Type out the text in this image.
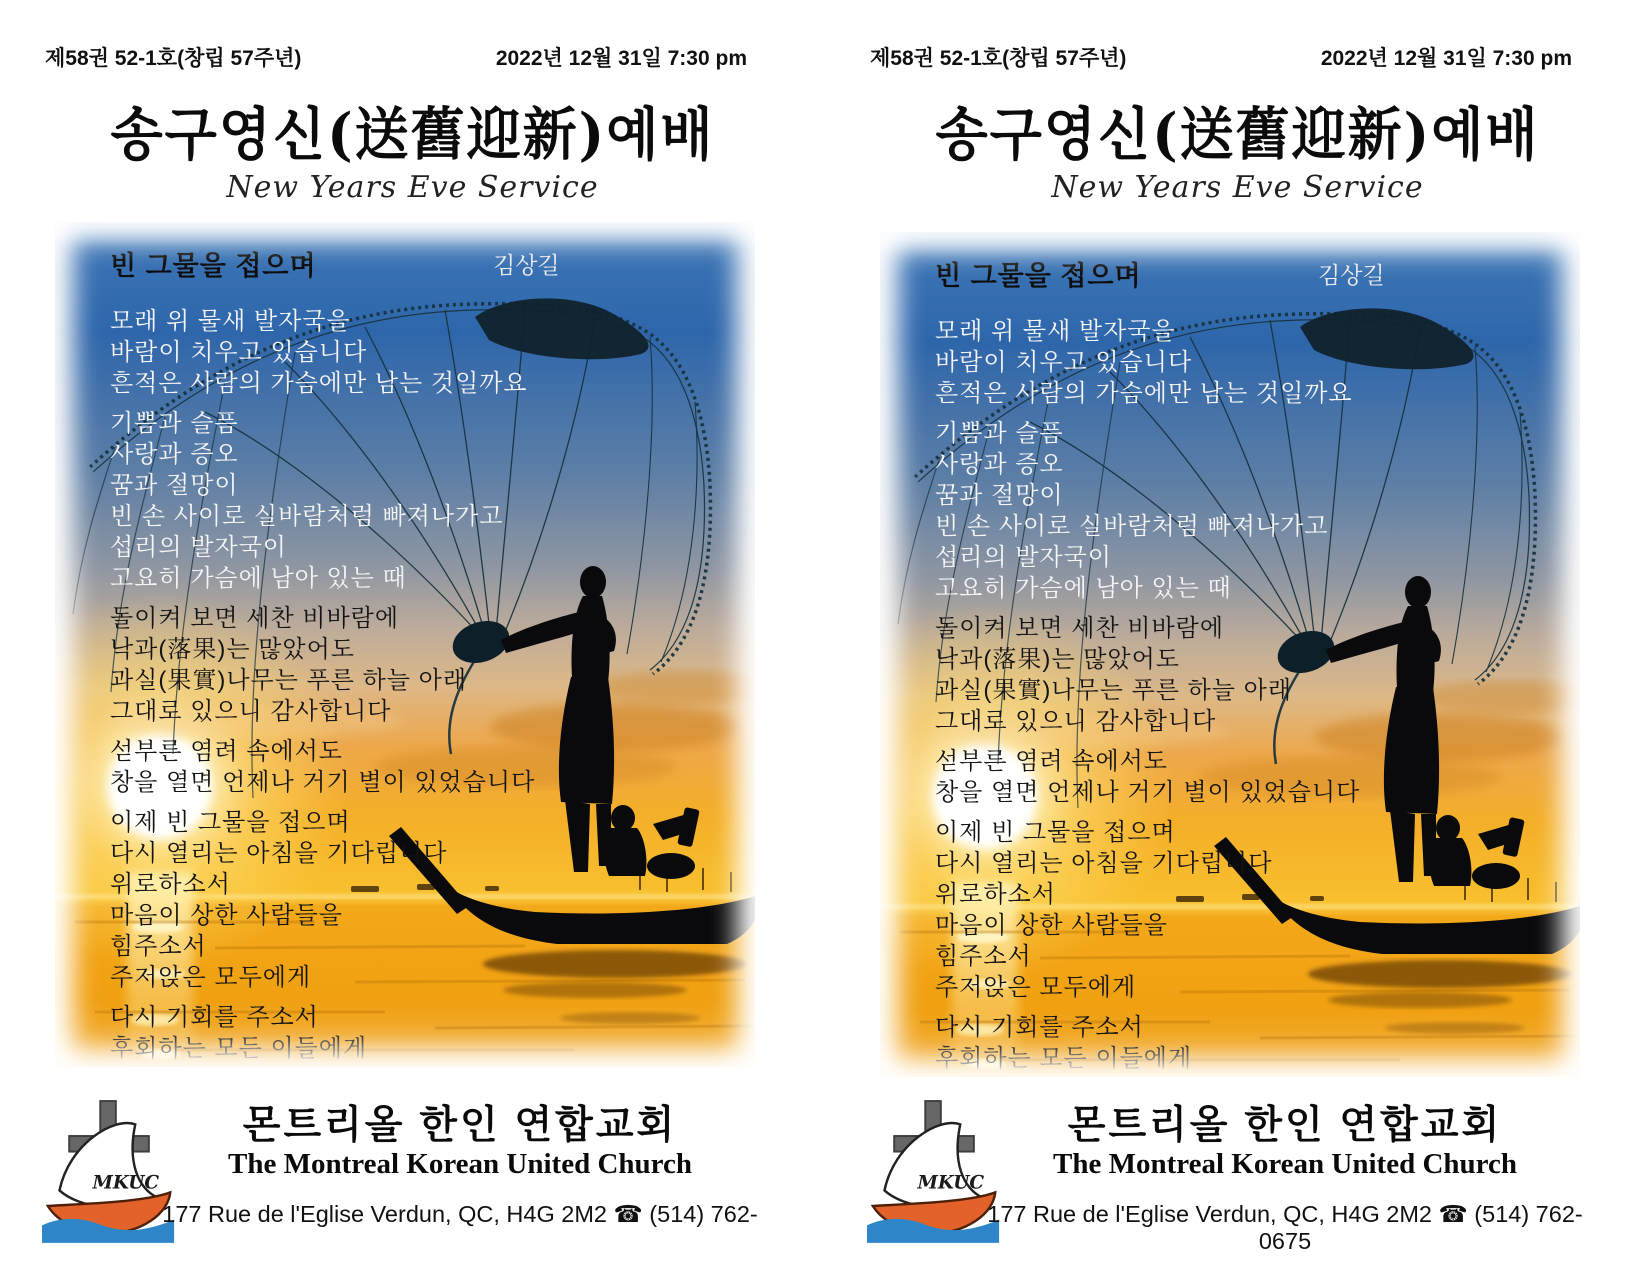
제58권 52-1호(창립 57주년)	2022년 12월 31일 7:30 pm
송구영신(送舊迎新)예배
New Years Eve Service
빈 그물을 접으며	김상길
모래 위 물새 발자국을
바람이 치우고 있습니다
흔적은 사람의 가슴에만 남는 것일까요
기쁨과 슬픔
사랑과 증오
꿈과 절망이
빈 손 사이로 실바람처럼 빠져나가고
섭리의 발자국이
고요히 가슴에 남아 있는 때
돌이켜 보면 세찬 비바람에
낙과(落果)는 많았어도
과실(果實)나무는 푸른 하늘 아래
그대로 있으니 감사합니다
섣부른 염려 속에서도
창을 열면 언제나 거기 별이 있었습니다
이제 빈 그물을 접으며
다시 열리는 아침을 기다립니다
위로하소서
마음이 상한 사람들을
힘주소서
주저앉은 모두에게
다시 기회를 주소서
후회하는 모든 이들에게
몬트리올 한인 연합교회
The Montreal Korean United Church
177 Rue de l'Eglise Verdun, QC, H4G 2M2 ☎ (514) 762-
제58권 52-1호(창립 57주년)	2022년 12월 31일 7:30 pm
송구영신(送舊迎新)예배
New Years Eve Service
빈 그물을 접으며	김상길
모래 위 물새 발자국을
바람이 치우고 있습니다
흔적은 사람의 가슴에만 남는 것일까요
기쁨과 슬픔
사랑과 증오
꿈과 절망이
빈 손 사이로 실바람처럼 빠져나가고
섭리의 발자국이
고요히 가슴에 남아 있는 때
돌이켜 보면 세찬 비바람에
낙과(落果)는 많았어도
과실(果實)나무는 푸른 하늘 아래
그대로 있으니 감사합니다
섣부른 염려 속에서도
창을 열면 언제나 거기 별이 있었습니다
이제 빈 그물을 접으며
다시 열리는 아침을 기다립니다
위로하소서
마음이 상한 사람들을
힘주소서
주저앉은 모두에게
다시 기회를 주소서
후회하는 모든 이들에게
몬트리올 한인 연합교회
The Montreal Korean United Church
177 Rue de l'Eglise Verdun, QC, H4G 2M2 ☎ (514) 762-0675
